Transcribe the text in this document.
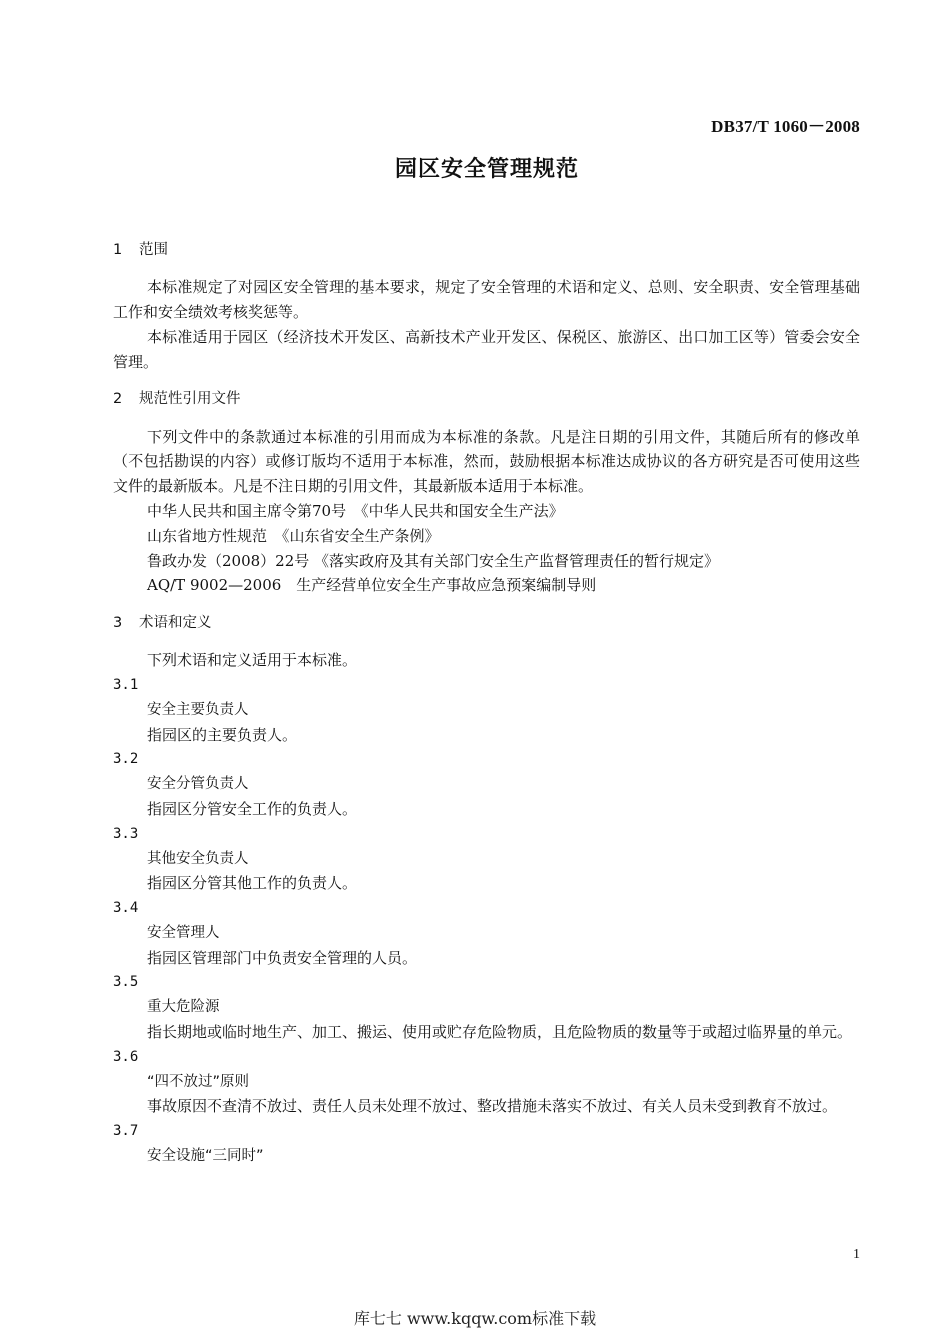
DB37/T 1060－2008
园区安全管理规范
1 范围
本标准规定了对园区安全管理的基本要求，规定了安全管理的术语和定义、总则、安全职责、安全管理基础工作和安全绩效考核奖惩等。
本标准适用于园区（经济技术开发区、高新技术产业开发区、保税区、旅游区、出口加工区等）管委会安全管理。
2 规范性引用文件
下列文件中的条款通过本标准的引用而成为本标准的条款。凡是注日期的引用文件，其随后所有的修改单（不包括勘误的内容）或修订版均不适用于本标准，然而，鼓励根据本标准达成协议的各方研究是否可使用这些文件的最新版本。凡是不注日期的引用文件，其最新版本适用于本标准。
中华人民共和国主席令第70号　《中华人民共和国安全生产法》
山东省地方性规范　《山东省安全生产条例》
鲁政办发（2008）22号 《落实政府及其有关部门安全生产监督管理责任的暂行规定》
AQ/T 9002—2006　生产经营单位安全生产事故应急预案编制导则
3 术语和定义
下列术语和定义适用于本标准。
3.1
安全主要负责人
指园区的主要负责人。
3.2
安全分管负责人
指园区分管安全工作的负责人。
3.3
其他安全负责人
指园区分管其他工作的负责人。
3.4
安全管理人
指园区管理部门中负责安全管理的人员。
3.5
重大危险源
指长期地或临时地生产、加工、搬运、使用或贮存危险物质，且危险物质的数量等于或超过临界量的单元。
3.6
“四不放过”原则
事故原因不查清不放过、责任人员未处理不放过、整改措施未落实不放过、有关人员未受到教育不放过。
3.7
安全设施“三同时”
1
库七七 www.kqqw.com标准下载
